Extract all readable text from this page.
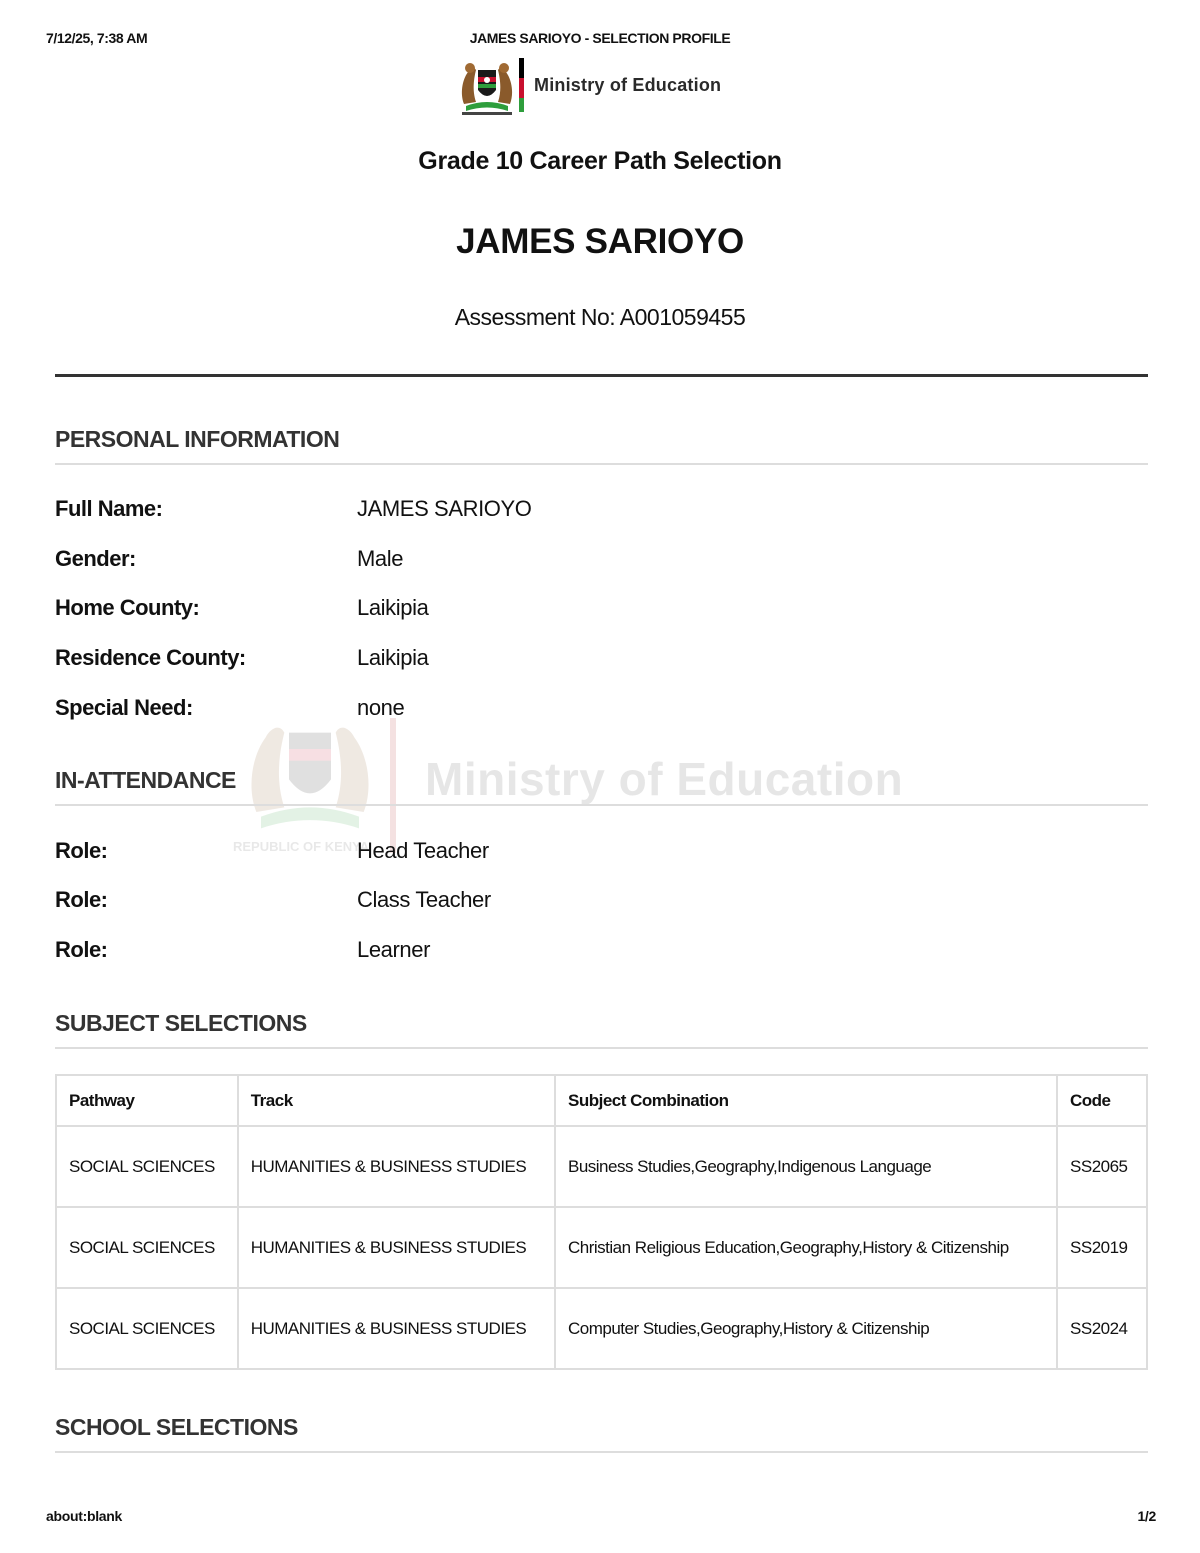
7/12/25, 7:38 AM	JAMES SARIOYO - SELECTION PROFILE
Ministry of Education
Grade 10 Career Path Selection
JAMES SARIOYO
Assessment No: A001059455
Ministry of Education
REPUBLIC OF KENYA
PERSONAL INFORMATION
Full Name:	JAMES SARIOYO
Gender:	Male
Home County:	Laikipia
Residence County:	Laikipia
Special Need:	none
IN-ATTENDANCE
Role:	Head Teacher
Role:	Class Teacher
Role:	Learner
SUBJECT SELECTIONS
Pathway	Track	Subject Combination	Code
SOCIAL SCIENCES	HUMANITIES & BUSINESS STUDIES	Business Studies,Geography,Indigenous Language	SS2065
SOCIAL SCIENCES	HUMANITIES & BUSINESS STUDIES	Christian Religious Education,Geography,History & Citizenship	SS2019
SOCIAL SCIENCES	HUMANITIES & BUSINESS STUDIES	Computer Studies,Geography,History & Citizenship	SS2024
SCHOOL SELECTIONS
about:blank	1/2
